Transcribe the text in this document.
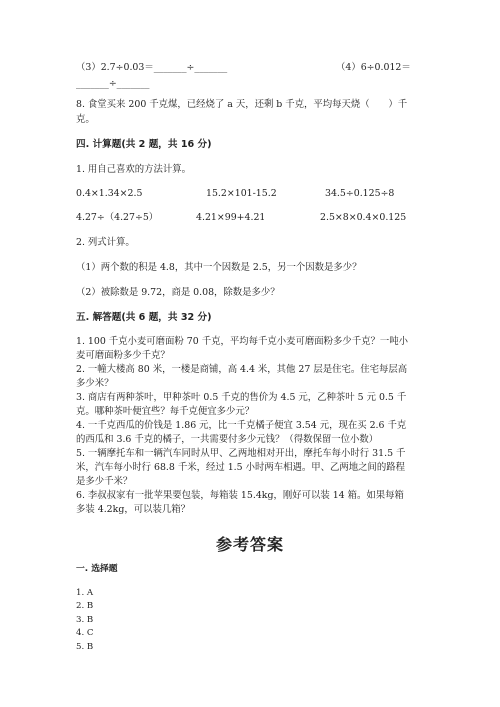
（3）2.7÷0.03＝_______÷_______	（4）6÷0.012＝
_______÷_______
8. 食堂买来 200 千克煤，已经烧了 a 天，还剩 b 千克，平均每天烧（　　）千
克。
四. 计算题(共 2 题，共 16 分)
1. 用自己喜欢的方法计算。
0.4×1.34×2.5	15.2×101-15.2	34.5÷0.125÷8
4.27÷（4.27÷5）	4.21×99+4.21	2.5×8×0.4×0.125
2. 列式计算。
（1）两个数的积是 4.8，其中一个因数是 2.5，另一个因数是多少？
（2）被除数是 9.72，商是 0.08，除数是多少？
五. 解答题(共 6 题，共 32 分)
1. 100 千克小麦可磨面粉 70 千克，平均每千克小麦可磨面粉多少千克？一吨小
麦可磨面粉多少千克？
2. 一幢大楼高 80 米，一楼是商铺，高 4.4 米，其他 27 层是住宅。住宅每层高
多少米？
3. 商店有两种茶叶，甲种茶叶 0.5 千克的售价为 4.5 元，乙种茶叶 5 元 0.5 千
克。哪种茶叶便宜些？每千克便宜多少元？
4. 一千克西瓜的价钱是 1.86 元，比一千克橘子便宜 3.54 元，现在买 2.6 千克
的西瓜和 3.6 千克的橘子，一共需要付多少元钱？（得数保留一位小数）
5. 一辆摩托车和一辆汽车同时从甲、乙两地相对开出，摩托车每小时行 31.5 千
米，汽车每小时行 68.8 千米，经过 1.5 小时两车相遇。甲、乙两地之间的路程
是多少千米？
6. 李叔叔家有一批苹果要包装，每箱装 15.4kg，刚好可以装 14 箱。如果每箱
多装 4.2kg，可以装几箱？
参考答案
一. 选择题
1. A
2. B
3. B
4. C
5. B
